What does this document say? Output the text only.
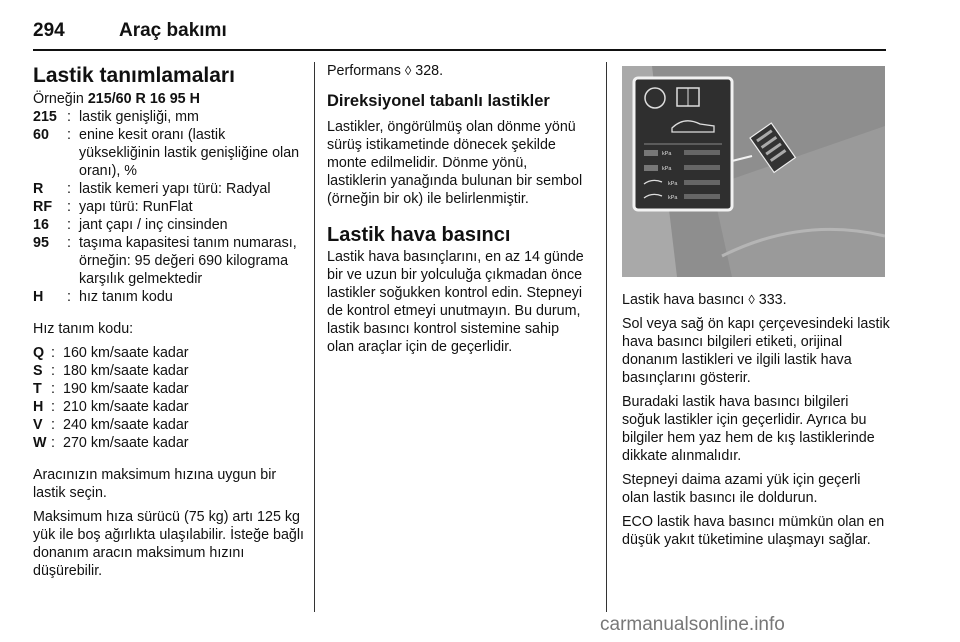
294	Araç bakımı
Lastik tanımlamaları

Örneğin 215/60 R 16 95 H

215	:	lastik genişliği, mm
60	:	enine kesit oranı (lastik yüksekliğinin lastik genişliğine olan oranı), %
R	:	lastik kemeri yapı türü: Radyal
RF	:	yapı türü: RunFlat
16	:	jant çapı / inç cinsinden
95	:	taşıma kapasitesi tanım numarası, örneğin: 95 değeri 690 kilograma karşılık gelmektedir
H	:	hız tanım kodu

Hız tanım kodu:

Q	:	160 km/saate kadar
S	:	180 km/saate kadar
T	:	190 km/saate kadar
H	:	210 km/saate kadar
V	:	240 km/saate kadar
W	:	270 km/saate kadar

Aracınızın maksimum hızına uygun bir lastik seçin.

Maksimum hıza sürücü (75 kg) artı 125 kg yük ile boş ağırlıkta ulaşılabilir. İsteğe bağlı donanım aracın maksimum hızını düşürebilir.

Performans ◊ 328.

Direksiyonel tabanlı lastikler

Lastikler, öngörülmüş olan dönme yönü sürüş istikametinde dönecek şekilde monte edilmelidir. Dönme yönü, lastiklerin yanağında bulunan bir sembol (örneğin bir ok) ile belirlenmiştir.

Lastik hava basıncı

Lastik hava basınçlarını, en az 14 günde bir ve uzun bir yolculuğa çıkmadan önce lastikler soğukken kontrol edin. Stepneyi de kontrol etmeyi unutmayın. Bu durum, lastik basıncı kontrol sistemine sahip olan araçlar için de geçerlidir.

kPa
kPa
kPa
kPa

Lastik hava basıncı ◊ 333.

Sol veya sağ ön kapı çerçevesindeki lastik hava basıncı bilgileri etiketi, orijinal donanım lastikleri ve ilgili lastik hava basınçlarını gösterir.

Buradaki lastik hava basıncı bilgileri soğuk lastikler için geçerlidir. Ayrıca bu bilgiler hem yaz hem de kış lastiklerinde dikkate alınmalıdır.

Stepneyi daima azami yük için geçerli olan lastik basıncı ile doldurun.

ECO lastik hava basıncı mümkün olan en düşük yakıt tüketimine ulaşmayı sağlar.

carmanualsonline.info
